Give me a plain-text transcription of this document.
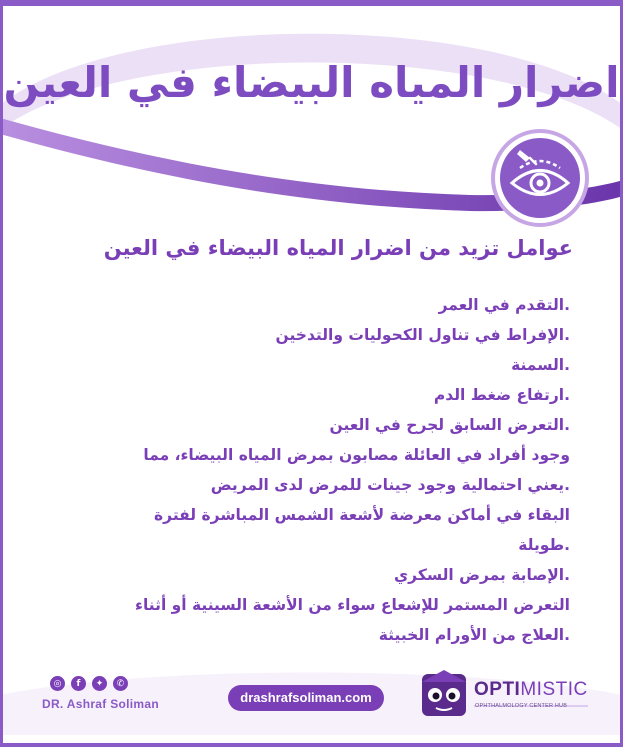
اضرار المياه البيضاء في العين
عوامل تزيد من اضرار المياه البيضاء في العين
.التقدم في العمر
.الإفراط في تناول الكحوليات والتدخين
.السمنة
.ارتفاع ضغط الدم
.التعرض السابق لجرح في العين
وجود أفراد في العائلة مصابون بمرض المياه البيضاء، مما
.يعني احتمالية وجود جينات للمرض لدى المريض
البقاء في أماكن معرضة لأشعة الشمس المباشرة لفترة
.طويلة
.الإصابة بمرض السكري
التعرض المستمر للإشعاع سواء من الأشعة السينية أو أثناء
.العلاج من الأورام الخبيثة
◎	f	✦	✆
DR. Ashraf Soliman	drashrafsoliman.com	OPTIMISTIC
OPHTHALMOLOGY CENTER HUB
